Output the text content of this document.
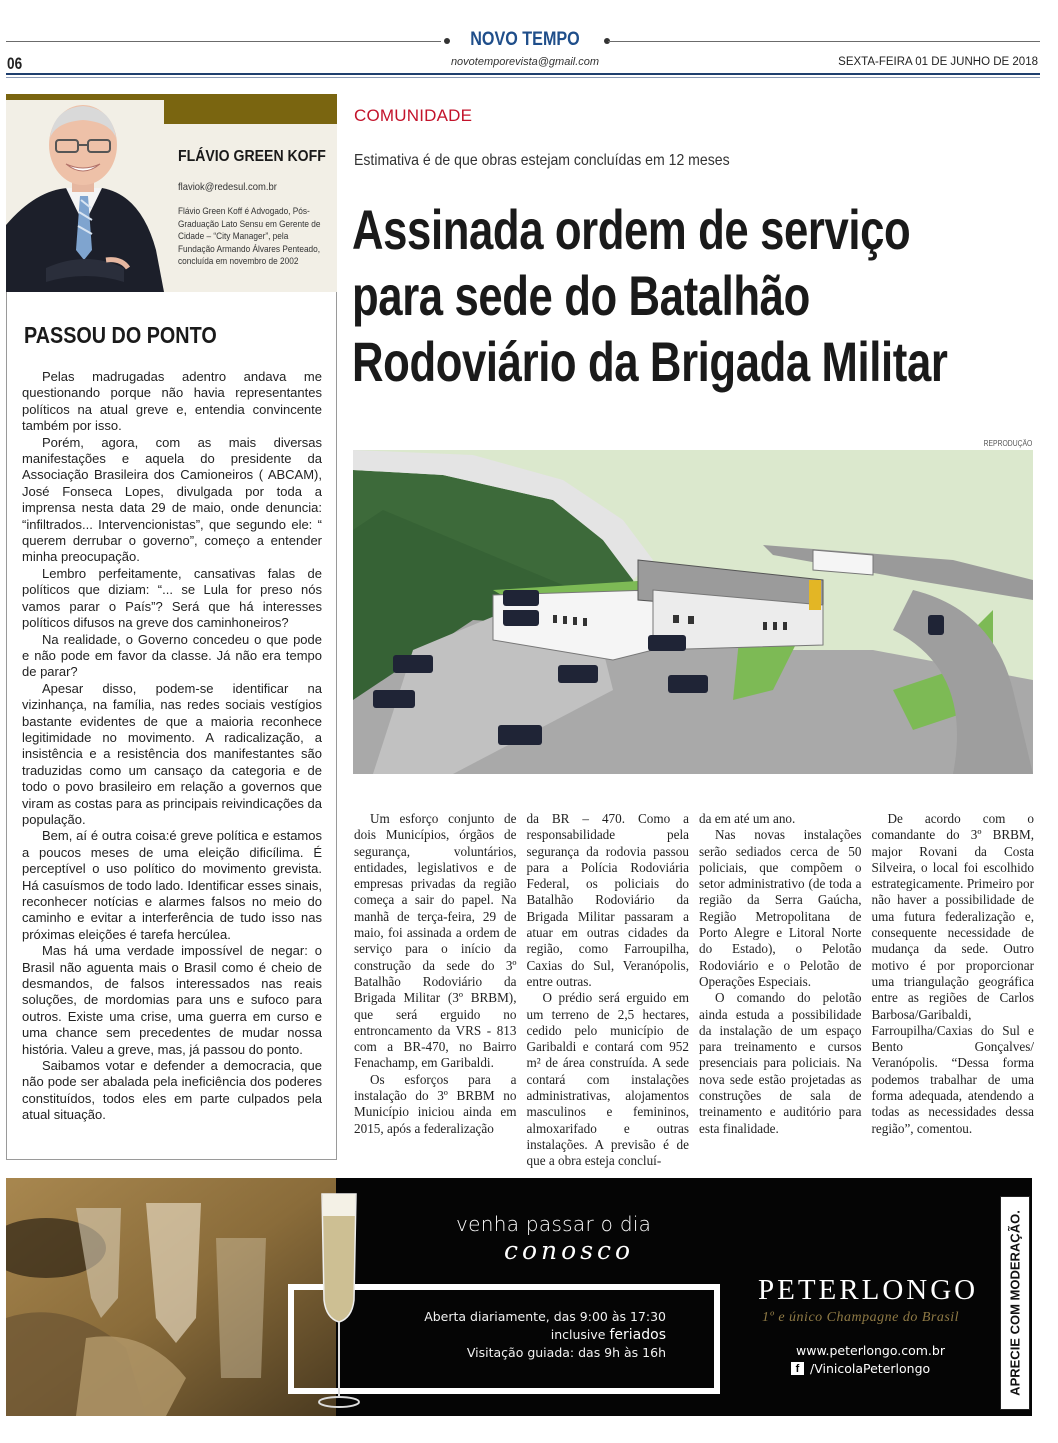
NOVO TEMPO
06	novotemporevista@gmail.com	SEXTA-FEIRA 01 DE JUNHO DE 2018
FLÁVIO GREEN KOFF
flaviok@redesul.com.br
Flávio Green Koff é Advogado, Pós-Graduação Lato Sensu em Gerente de Cidade – “City Manager”, pela Fundação Armando Álvares Penteado, concluída em novembro de 2002
PASSOU DO PONTO

Pelas madrugadas adentro andava me questionando porque não havia representantes políticos na atual greve e, entendia convincente também por isso.

Porém, agora, com as mais diversas manifestações e aquela do presidente da Associação Brasileira dos Camioneiros ( ABCAM), José Fonseca Lopes, divulgada por toda a imprensa nesta data 29 de maio, onde denuncia: “infiltrados... Intervencionistas”, que segundo ele: “ querem derrubar o governo”, começo a entender minha preocupação.

Lembro perfeitamente, cansativas falas de políticos que diziam: “... se Lula for preso nós vamos parar o País”? Será que há interesses políticos difusos na greve dos caminhoneiros?

Na realidade, o Governo concedeu o que pode e não pode em favor da classe. Já não era tempo de parar?

Apesar disso, podem-se identificar na vizinhança, na família, nas redes sociais vestígios bastante evidentes de que a maioria reconhece legitimidade no movimento. A radicalização, a insistência e a resistência dos manifestantes são traduzidas como um cansaço da categoria e de todo o povo brasileiro em relação a governos que viram as costas para as principais reivindicações da população.

Bem, aí é outra coisa:é greve política e estamos a poucos meses de uma eleição dificílima. É perceptível o uso político do movimento grevista. Há casuísmos de todo lado. Identificar esses sinais, reconhecer notícias e alarmes falsos no meio do caminho e evitar a interferência de tudo isso nas próximas eleições é tarefa hercúlea.

Mas há uma verdade impossível de negar: o Brasil não aguenta mais o Brasil como é cheio de desmandos, de falsos interessados nas reais soluções, de mordomias para uns e sufoco para outros. Existe uma crise, uma guerra em curso e uma chance sem precedentes de mudar nossa história. Valeu a greve, mas, já passou do ponto.

Saibamos votar e defender a democracia, que não pode ser abalada pela ineficiência dos poderes constituídos, todos eles em parte culpados pela atual situação.

COMUNIDADE
Estimativa é de que obras estejam concluídas em 12 meses
Assinada ordem de serviço
para sede do Batalhão
Rodoviário da Brigada Militar
REPRODUÇÃO

Um esforço conjunto de dois Municípios, órgãos de segurança, voluntários, entidades, legislativos e de empresas privadas da região começa a sair do papel. Na manhã de terça-feira, 29 de maio, foi assinada a ordem de serviço para o início da construção da sede do 3º Batalhão Rodoviário da Brigada Militar (3º BRBM), que será erguido no entroncamento da VRS - 813 com a BR-470, no Bairro Fenachamp, em Garibaldi.

Os esforços para a instalação do 3º BRBM no Município iniciou ainda em 2015, após a federalização

da BR – 470. Como a responsabilidade pela segurança da rodovia passou para a Polícia Rodoviária Federal, os policiais do Batalhão Rodoviário da Brigada Militar passaram a atuar em outras cidades da região, como Farroupilha, Caxias do Sul, Veranópolis, entre outras.

O prédio será erguido em um terreno de 2,5 hectares, cedido pelo município de Garibaldi e contará com 952 m² de área construída. A sede contará com instalações administrativas, alojamentos masculinos e femininos, almoxarifado e outras instalações. A previsão é de que a obra esteja concluí-

da em até um ano.

Nas novas instalações serão sediados cerca de 50 policiais, que compõem o setor administrativo (de toda a região da Serra Gaúcha, Região Metropolitana de Porto Alegre e Litoral Norte do Estado), o Pelotão Rodoviário e o Pelotão de Operações Especiais.

O comando do pelotão ainda estuda a possibilidade da instalação de um espaço para treinamento e cursos presenciais para policiais. Na nova sede estão projetadas as construções de sala de treinamento e auditório para esta finalidade.

De acordo com o comandante do 3º BRBM, major Rovani da Costa Silveira, o local foi escolhido estrategicamente. Primeiro por não haver a possibilidade de uma futura federalização e, consequente necessidade de mudança da sede. Outro motivo é por proporcionar uma triangulação geográfica entre as regiões de Carlos Barbosa/Garibaldi, Farroupilha/Caxias do Sul e Bento Gonçalves/ Veranópolis. “Dessa forma podemos trabalhar de uma forma adequada, atendendo a todas as necessidades dessa região”, comentou.

venha passar o dia
conosco
Aberta diariamente, das 9:00 às 17:30
inclusive feriados
Visitação guiada: das 9h às 16h
PETERLONGO
1º e único Champagne do Brasil
www.peterlongo.com.br
f /VinicolaPeterlongo	APRECIE COM MODERAÇÃO.
